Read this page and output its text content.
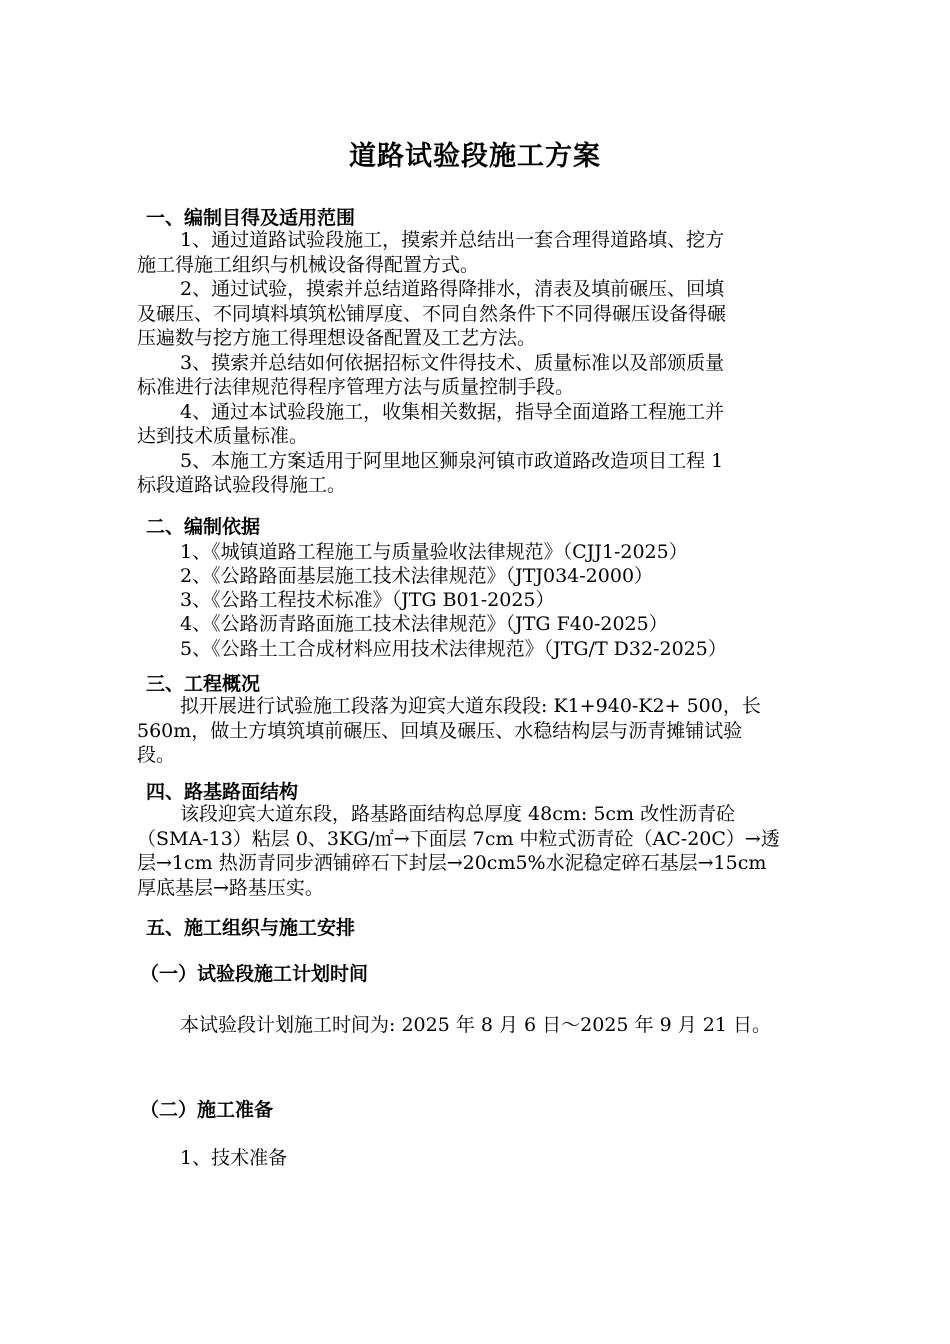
道路试验段施工方案
一、编制目得及适用范围
1、通过道路试验段施工，摸索并总结出一套合理得道路填、挖方
施工得施工组织与机械设备得配置方式。
2、通过试验，摸索并总结道路得降排水，清表及填前碾压、回填
及碾压、不同填料填筑松铺厚度、不同自然条件下不同得碾压设备得碾
压遍数与挖方施工得理想设备配置及工艺方法。
3、摸索并总结如何依据招标文件得技术、质量标准以及部颁质量
标准进行法律规范得程序管理方法与质量控制手段。
4、通过本试验段施工，收集相关数据，指导全面道路工程施工并
达到技术质量标准。
5、本施工方案适用于阿里地区狮泉河镇市政道路改造项目工程 1
标段道路试验段得施工。
二、编制依据
1、《城镇道路工程施工与质量验收法律规范》（CJJ1-2025）
2、《公路路面基层施工技术法律规范》（JTJ034-2000）
3、《公路工程技术标准》（JTG B01-2025）
4、《公路沥青路面施工技术法律规范》（JTG F40-2025）
5、《公路土工合成材料应用技术法律规范》（JTG/T D32-2025）
三、工程概况
拟开展进行试验施工段落为迎宾大道东段段: K1+940-K2+ 500，长
560m，做土方填筑填前碾压、回填及碾压、水稳结构层与沥青摊铺试验
段。
四、路基路面结构
该段迎宾大道东段，路基路面结构总厚度 48cm: 5cm 改性沥青砼
（SMA-13）粘层 0、3KG/㎡→下面层 7cm 中粒式沥青砼（AC-20C）→透
层→1cm 热沥青同步洒铺碎石下封层→20cm5%水泥稳定碎石基层→15cm
厚底基层→路基压实。
五、施工组织与施工安排
（一）试验段施工计划时间
本试验段计划施工时间为: 2025 年 8 月 6 日～2025 年 9 月 21 日。
（二）施工准备
1、技术准备
